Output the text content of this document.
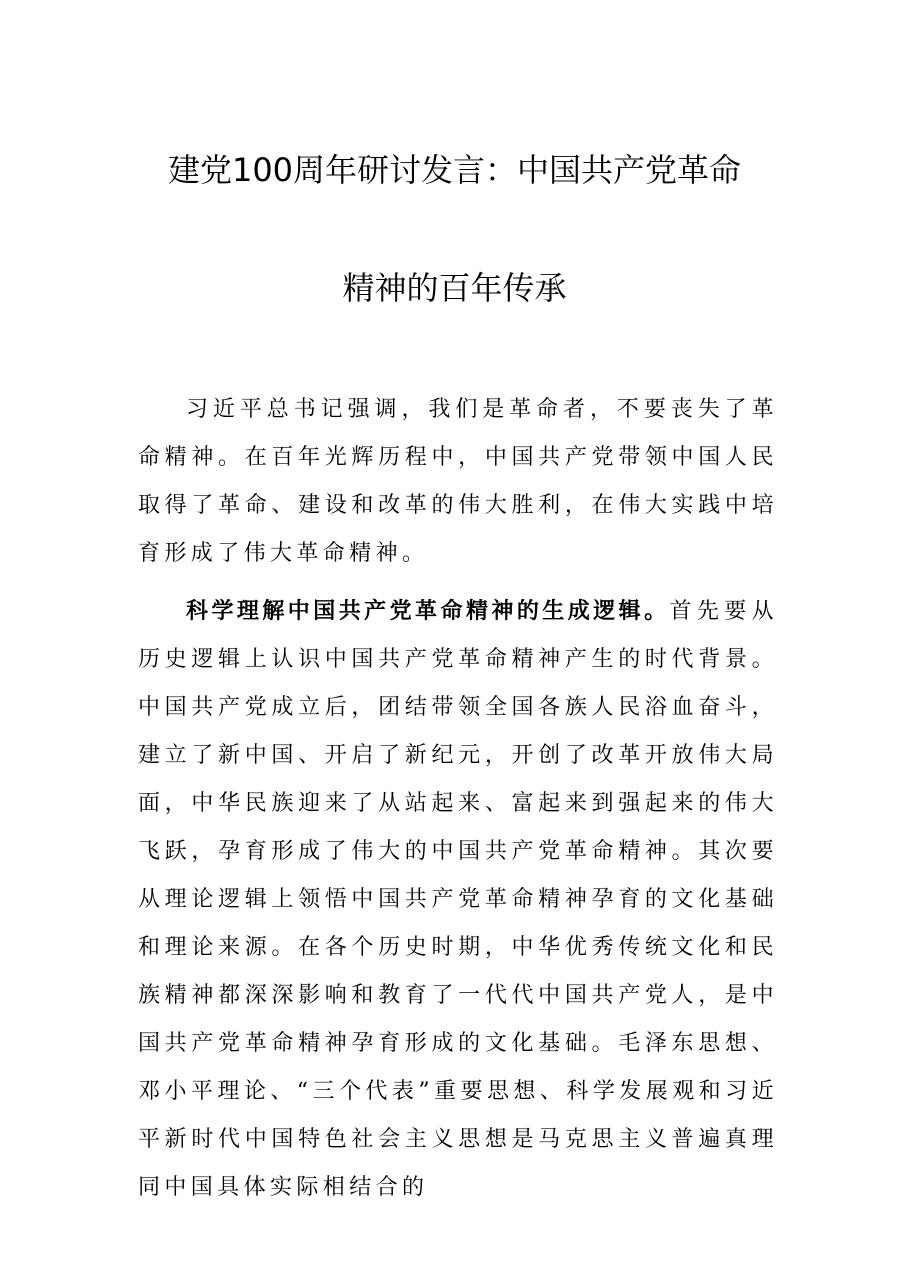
建党100周年研讨发言：中国共产党革命
精神的百年传承

习近平总书记强调，我们是革命者，不要丧失了革命精神。在百年光辉历程中，中国共产党带领中国人民取得了革命、建设和改革的伟大胜利，在伟大实践中培育形成了伟大革命精神。

科学理解中国共产党革命精神的生成逻辑。首先要从历史逻辑上认识中国共产党革命精神产生的时代背景。中国共产党成立后，团结带领全国各族人民浴血奋斗，建立了新中国、开启了新纪元，开创了改革开放伟大局面，中华民族迎来了从站起来、富起来到强起来的伟大飞跃，孕育形成了伟大的中国共产党革命精神。其次要从理论逻辑上领悟中国共产党革命精神孕育的文化基础和理论来源。在各个历史时期，中华优秀传统文化和民族精神都深深影响和教育了一代代中国共产党人，是中国共产党革命精神孕育形成的文化基础。毛泽东思想、邓小平理论、“三个代表”重要思想、科学发展观和习近平新时代中国特色社会主义思想是马克思主义普遍真理同中国具体实际相结合的
